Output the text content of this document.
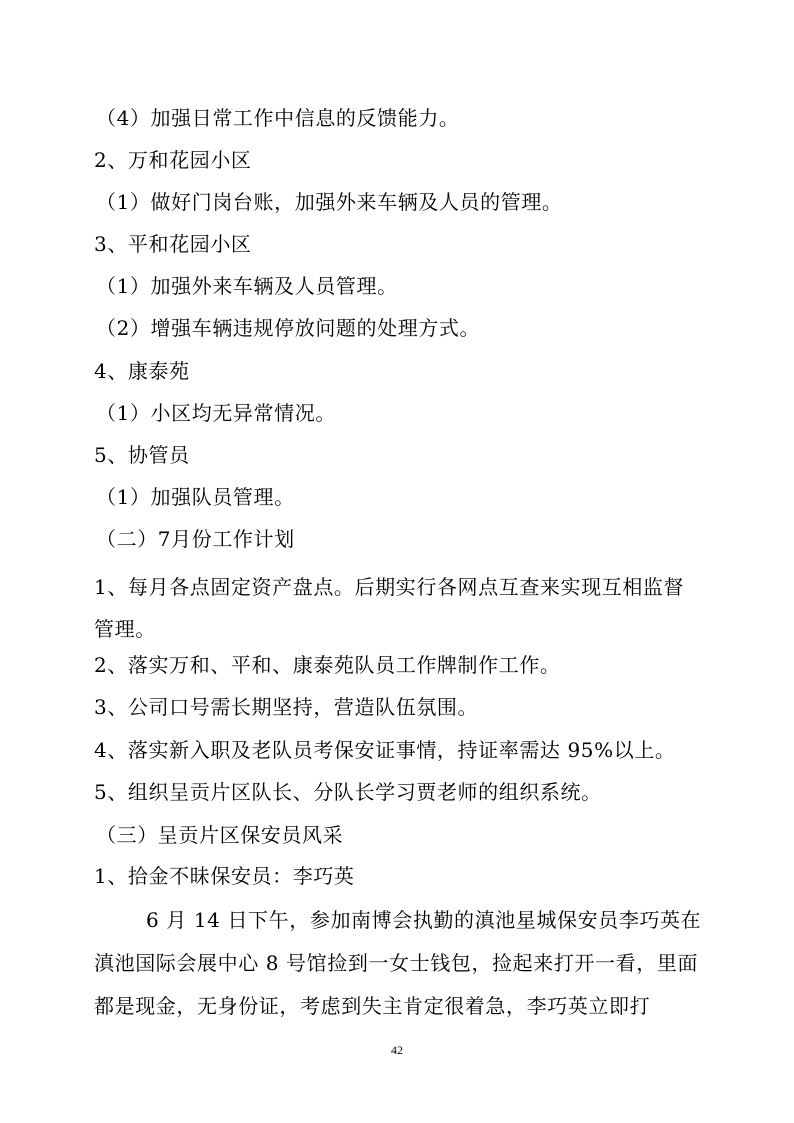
（4）加强日常工作中信息的反馈能力。
2、万和花园小区
（1）做好门岗台账，加强外来车辆及人员的管理。
3、平和花园小区
（1）加强外来车辆及人员管理。
（2）增强车辆违规停放问题的处理方式。
4、康泰苑
（1）小区均无异常情况。
5、协管员
（1）加强队员管理。
（二）7月份工作计划
1、每月各点固定资产盘点。后期实行各网点互查来实现互相监督管理。
2、落实万和、平和、康泰苑队员工作牌制作工作。
3、公司口号需长期坚持，营造队伍氛围。
4、落实新入职及老队员考保安证事情，持证率需达 95%以上。
5、组织呈贡片区队长、分队长学习贾老师的组织系统。
（三）呈贡片区保安员风采
1、拾金不昧保安员：李巧英
6 月 14 日下午，参加南博会执勤的滇池星城保安员李巧英在滇池国际会展中心 8 号馆捡到一女士钱包，捡起来打开一看，里面都是现金，无身份证，考虑到失主肯定很着急，李巧英立即打
42
